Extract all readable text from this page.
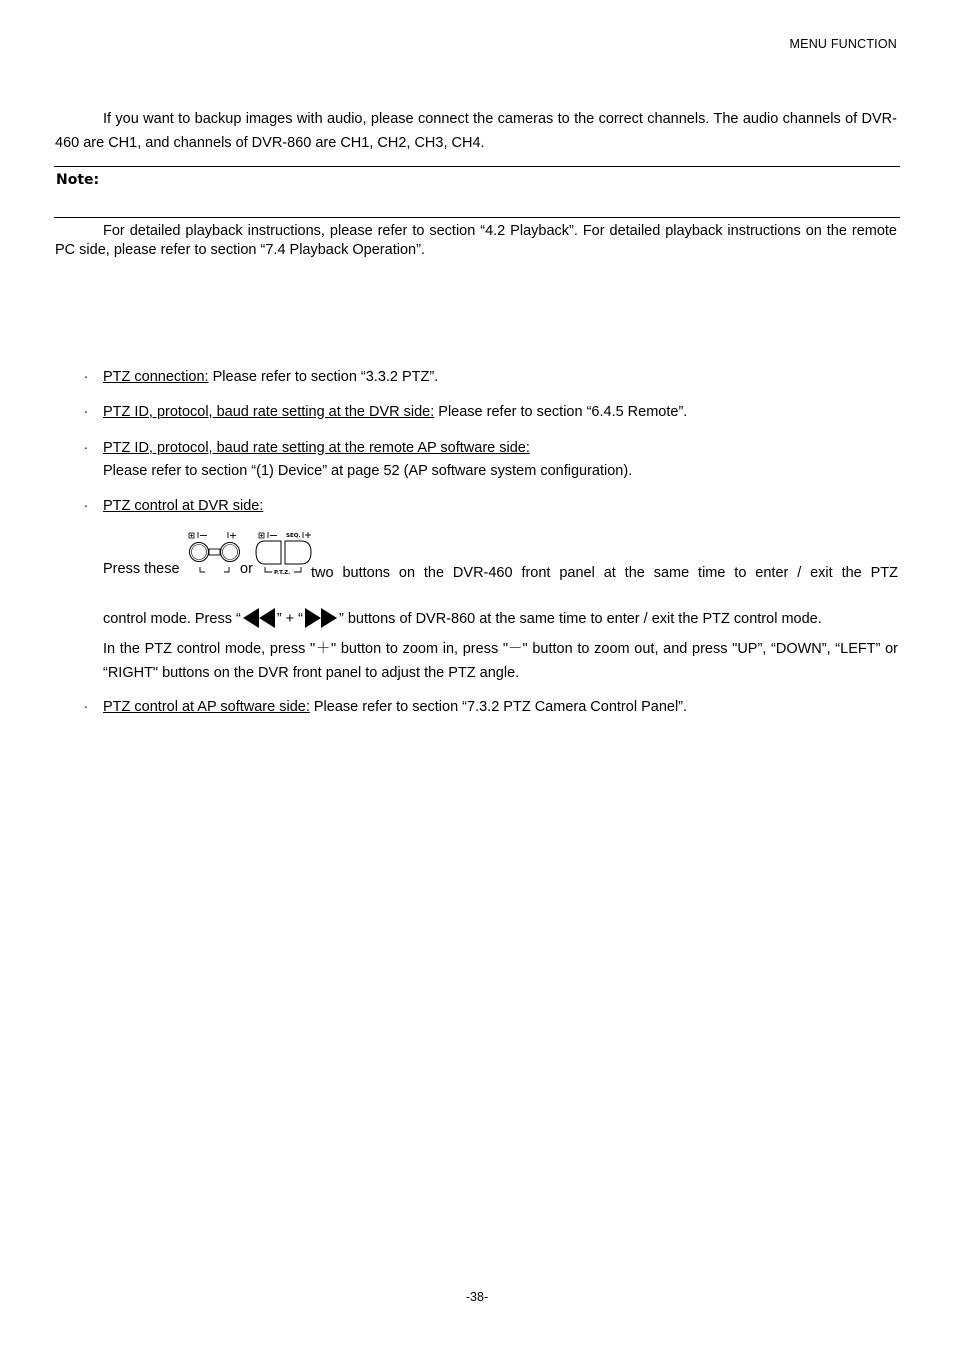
MENU FUNCTION
If you want to backup images with audio, please connect the cameras to the correct channels. The audio channels of DVR-460 are CH1, and channels of DVR-860 are CH1, CH2, CH3, CH4.
Note:
For detailed playback instructions, please refer to section “4.2 Playback”. For detailed playback instructions on the remote PC side, please refer to section “7.4 Playback Operation”.
‧ PTZ connection: Please refer to section “3.3.2 PTZ”.
‧ PTZ ID, protocol, baud rate setting at the DVR side: Please refer to section “6.4.5 Remote”.
‧ PTZ ID, protocol, baud rate setting at the remote AP software side:
Please refer to section “(1) Device” at page 52 (AP software system configuration).
‧ PTZ control at DVR side:
Press these	or
SEQ.
P.T.Z. two buttons on the DVR-460 front panel at the same time to enter / exit the PTZ
control mode. Press “ ” + “ ” buttons of DVR-860 at the same time to enter / exit the PTZ control mode.
In the PTZ control mode, press "＋" button to zoom in, press "－" button to zoom out, and press "UP”, “DOWN”, “LEFT” or “RIGHT" buttons on the DVR front panel to adjust the PTZ angle.
‧ PTZ control at AP software side: Please refer to section “7.3.2 PTZ Camera Control Panel”.
-38-
